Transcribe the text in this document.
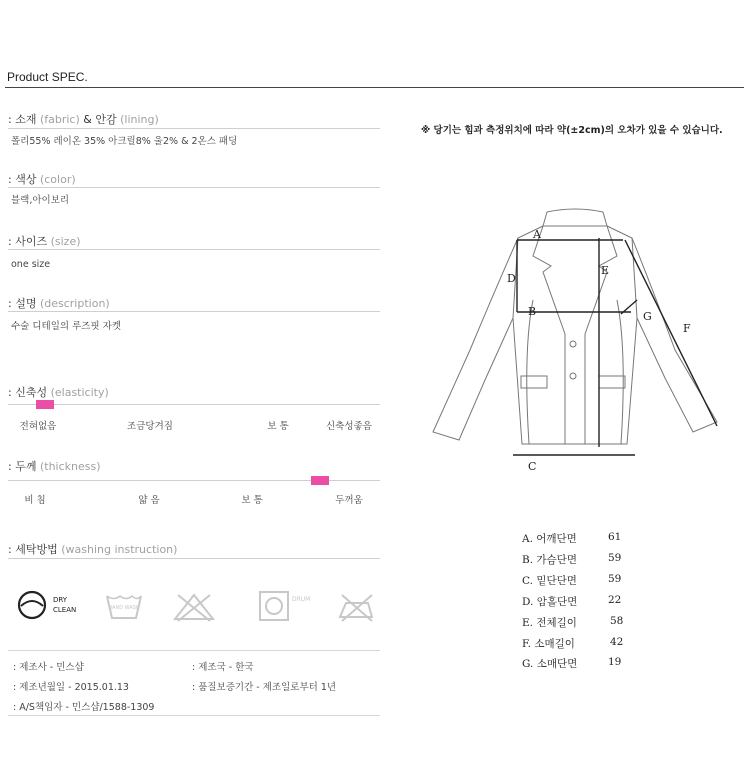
Product SPEC.
: 소재 (fabric) & 안감 (lining)
폴리55% 레이온 35% 아크릴8% 울2% & 2온스 패딩
: 색상 (color)
블랙,아이보리
: 사이즈 (size)
one size
: 설명 (description)
수술 디테일의 루즈핏 자켓
: 신축성 (elasticity)
전혀없음	조금당겨짐	보 통	신축성좋음
: 두께 (thickness)
비 침	얇 음	보 통	두꺼움
: 세탁방법 (washing instruction)
DRY
CLEAN	HAND WASH
DRUM
: 제조사 - 민스샵	: 제조국 - 한국
: 제조년월일 - 2015.01.13	: 품질보증기간 - 제조일로부터 1년
: A/S책임자 - 민스샵/1588-1309
※ 당기는 힘과 측정위치에 따라 약(±2cm)의 오차가 있을 수 있습니다.
A
B
C
D
E
F
G
A. 어깨단면	61
B. 가슴단면	59
C. 밑단단면	59
D. 암홀단면	22
E. 전체길이	58
F. 소매길이	42
G. 소매단면	19
